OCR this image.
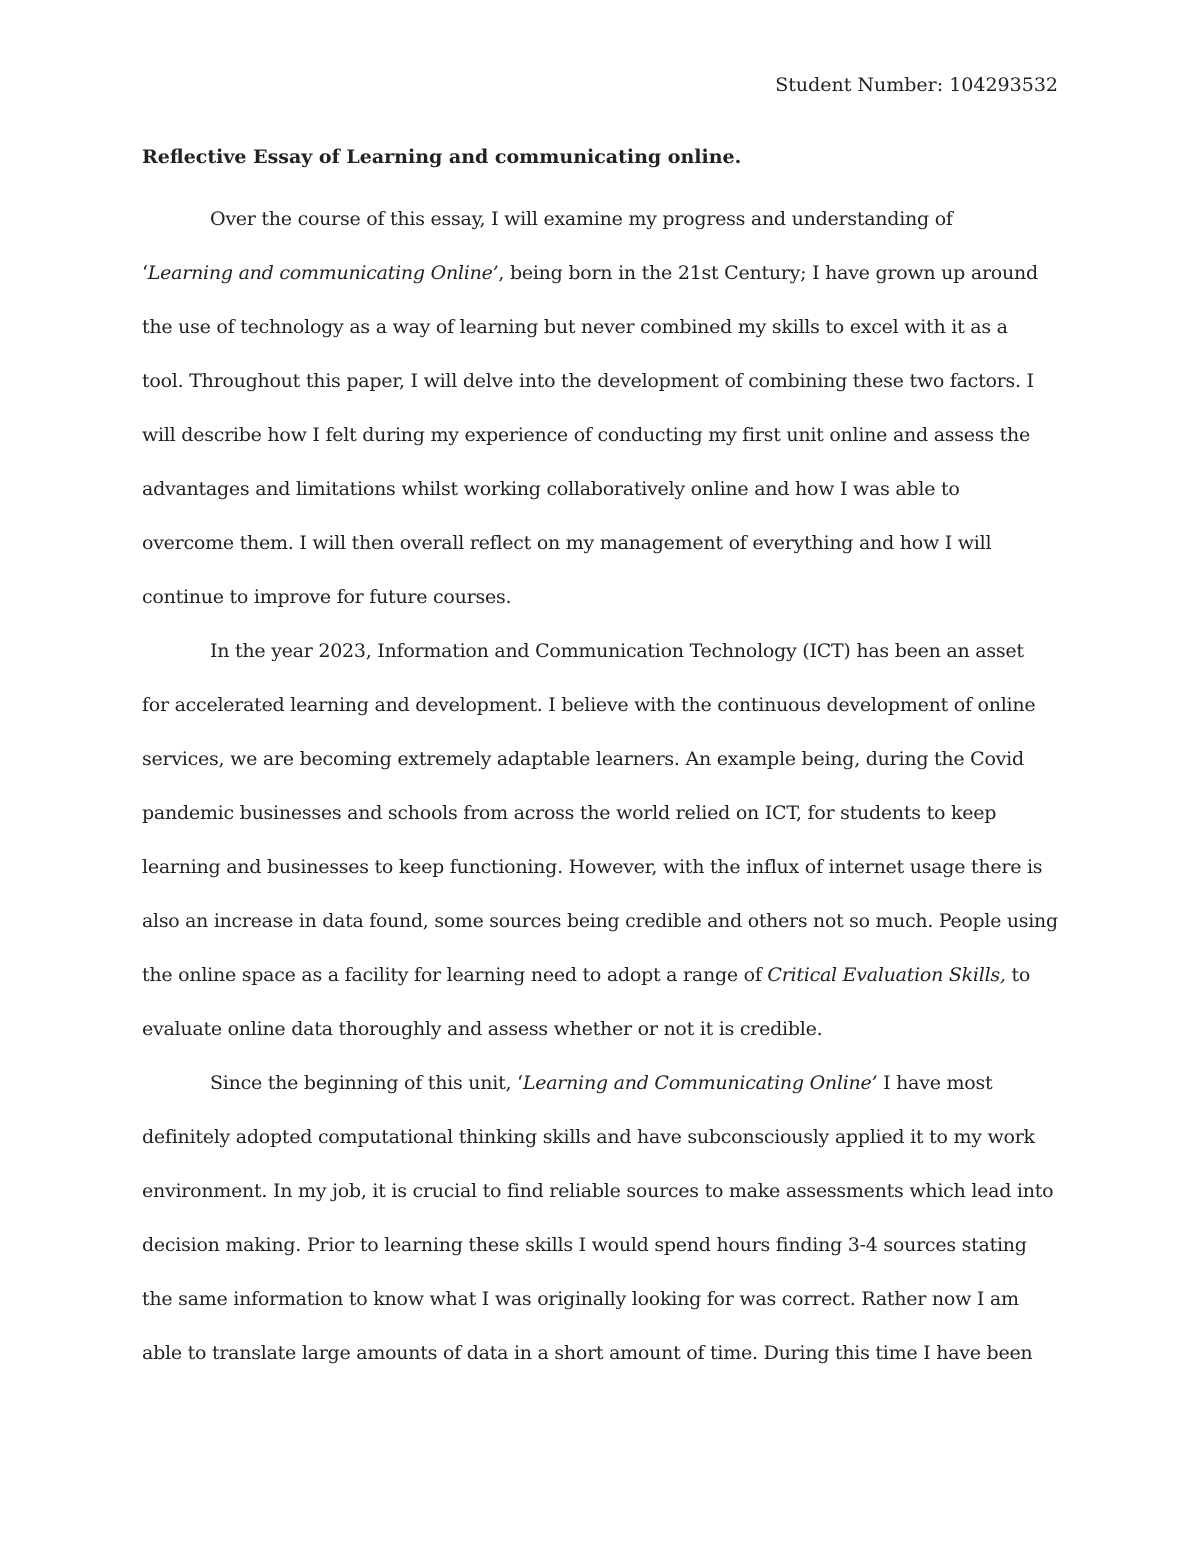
Student Number: 104293532
Reflective Essay of Learning and communicating online.
Over the course of this essay, I will examine my progress and understanding of
‘Learning and communicating Online’, being born in the 21st Century; I have grown up around
the use of technology as a way of learning but never combined my skills to excel with it as a
tool. Throughout this paper, I will delve into the development of combining these two factors. I
will describe how I felt during my experience of conducting my first unit online and assess the
advantages and limitations whilst working collaboratively online and how I was able to
overcome them. I will then overall reflect on my management of everything and how I will
continue to improve for future courses.
In the year 2023, Information and Communication Technology (ICT) has been an asset
for accelerated learning and development. I believe with the continuous development of online
services, we are becoming extremely adaptable learners. An example being, during the Covid
pandemic businesses and schools from across the world relied on ICT, for students to keep
learning and businesses to keep functioning. However, with the influx of internet usage there is
also an increase in data found, some sources being credible and others not so much. People using
the online space as a facility for learning need to adopt a range of Critical Evaluation Skills, to
evaluate online data thoroughly and assess whether or not it is credible.
Since the beginning of this unit, ‘Learning and Communicating Online’ I have most
definitely adopted computational thinking skills and have subconsciously applied it to my work
environment. In my job, it is crucial to find reliable sources to make assessments which lead into
decision making. Prior to learning these skills I would spend hours finding 3-4 sources stating
the same information to know what I was originally looking for was correct. Rather now I am
able to translate large amounts of data in a short amount of time. During this time I have been
